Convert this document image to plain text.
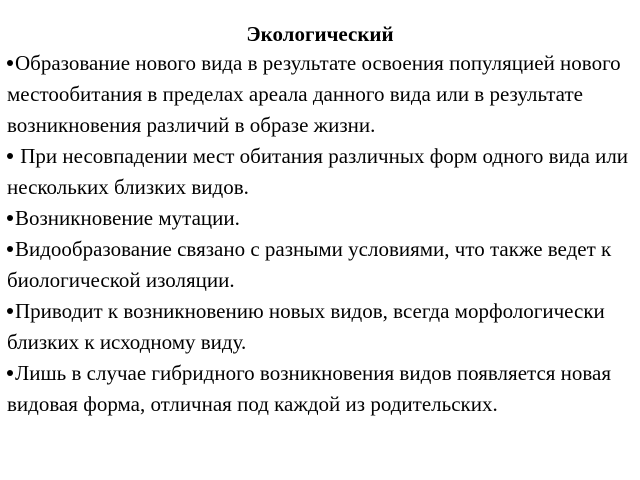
Экологический
Образование нового вида в результате освоения популяцией нового местообитания в пределах ареала данного вида или в результате возникновения различий в образе жизни.
При несовпадении мест обитания различных форм одного вида или нескольких близких видов.
Возникновение мутации.
Видообразование связано с разными условиями, что также ведет к биологической изоляции.
Приводит к возникновению новых видов, всегда морфологически близких к исходному виду.
Лишь в случае гибридного возникновения видов появляется новая видовая форма, отличная под каждой из родительских.
